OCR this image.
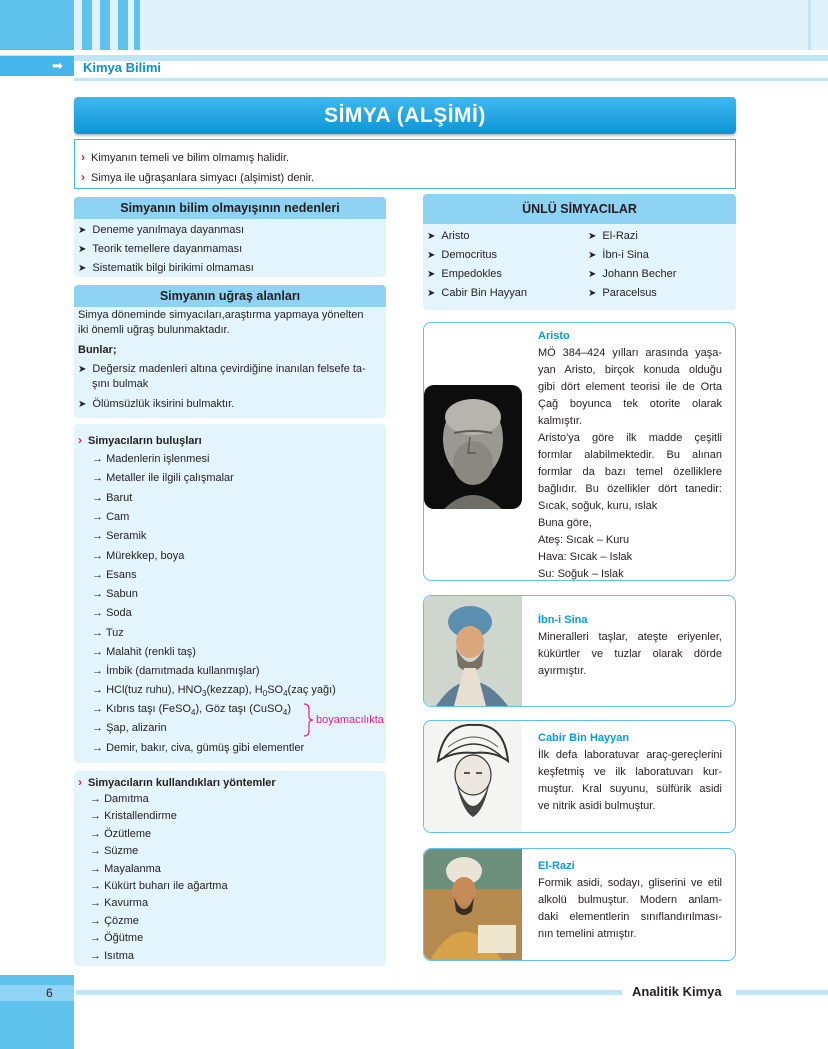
➡	Kimya Bilimi
SİMYA (ALŞİMİ)
› Kimyanın temeli ve bilim olmamış halidir.
› Simya ile uğraşanlara simyacı (alşimist) denir.
Simyanın bilim olmayışının nedenleri
➤ Deneme yanılmaya dayanması
➤ Teorik temellere dayanmaması
➤ Sistematik bilgi birikimi olmaması
Simyanın uğraş alanları
Simya döneminde simyacıları,araştırma yapmaya yönelten
iki önemli uğraş bulunmaktadır.
Bunlar;
➤ Değersiz madenleri altına çevirdiğine inanılan felsefe ta-
şını bulmak
➤ Ölümsüzlük iksirini bulmaktır.
› Simyacıların buluşları
→ Madenlerin işlenmesi
→ Metaller ile ilgili çalışmalar
→ Barut
→ Cam
→ Seramik
→ Mürekkep, boya
→ Esans
→ Sabun
→ Soda
→ Tuz
→ Malahit (renkli taş)
→ İmbik (damıtmada kullanmışlar)
→ HCl(tuz ruhu), $HNO_3(kezzap)$, $H_0SO_4(zaç$ yağı)
→ Kıbrıs taşı (FeSO$_4$), Göz taşı (CuSO$_4$)
→ Şap, alizarin
→ Demir, bakır, civa, gümüş gibi elementler
boyamacılıkta
› Simyacıların kullandıkları yöntemler
→ Damıtma
→ Kristallendirme
→ Özütleme
→ Süzme
→ Mayalanma
→ Kükürt buharı ile ağartma
→ Kavurma
→ Çözme
→ Öğütme
→ Isıtma
ÜNLÜ SİMYACILAR
➤ Aristo
➤ Democritus
➤ Empedokles
➤ Cabir Bin Hayyan
➤ El-Razi
➤ İbn-i Sina
➤ Johann Becher
➤ Paracelsus
Aristo
MÖ 384–424 yılları arasında yaşa-
yan Aristo, birçok konuda olduğu
gibi dört element teorisi ile de Orta
Çağ boyunca tek otorite olarak
kalmıştır.
Aristo'ya göre ilk madde çeşitli
formlar alabilmektedir. Bu alınan
formlar da bazı temel özelliklere
bağlıdır. Bu özellikler dört tanedir:
Sıcak, soğuk, kuru, ıslak
Buna göre,
Ateş: Sıcak – Kuru
Hava: Sıcak – Islak
Su: Soğuk – Islak
İbn-i Sina
Mineralleri taşlar, ateşte eriyenler,
kükürtler ve tuzlar olarak dörde
ayırmıştır.
Cabir Bin Hayyan
İlk defa laboratuvar araç-gereçlerini
keşfetmiş ve ilk laboratuvarı kur-
muştur. Kral suyunu, sülfürik asidi
ve nitrik asidi bulmuştur.
El-Razi
Formik asidi, sodayı, gliserini ve etil
alkolü bulmuştur. Modern anlam-
daki elementlerin sınıflandırılması-
nın temelini atmıştır.
6	Analitik Kimya
